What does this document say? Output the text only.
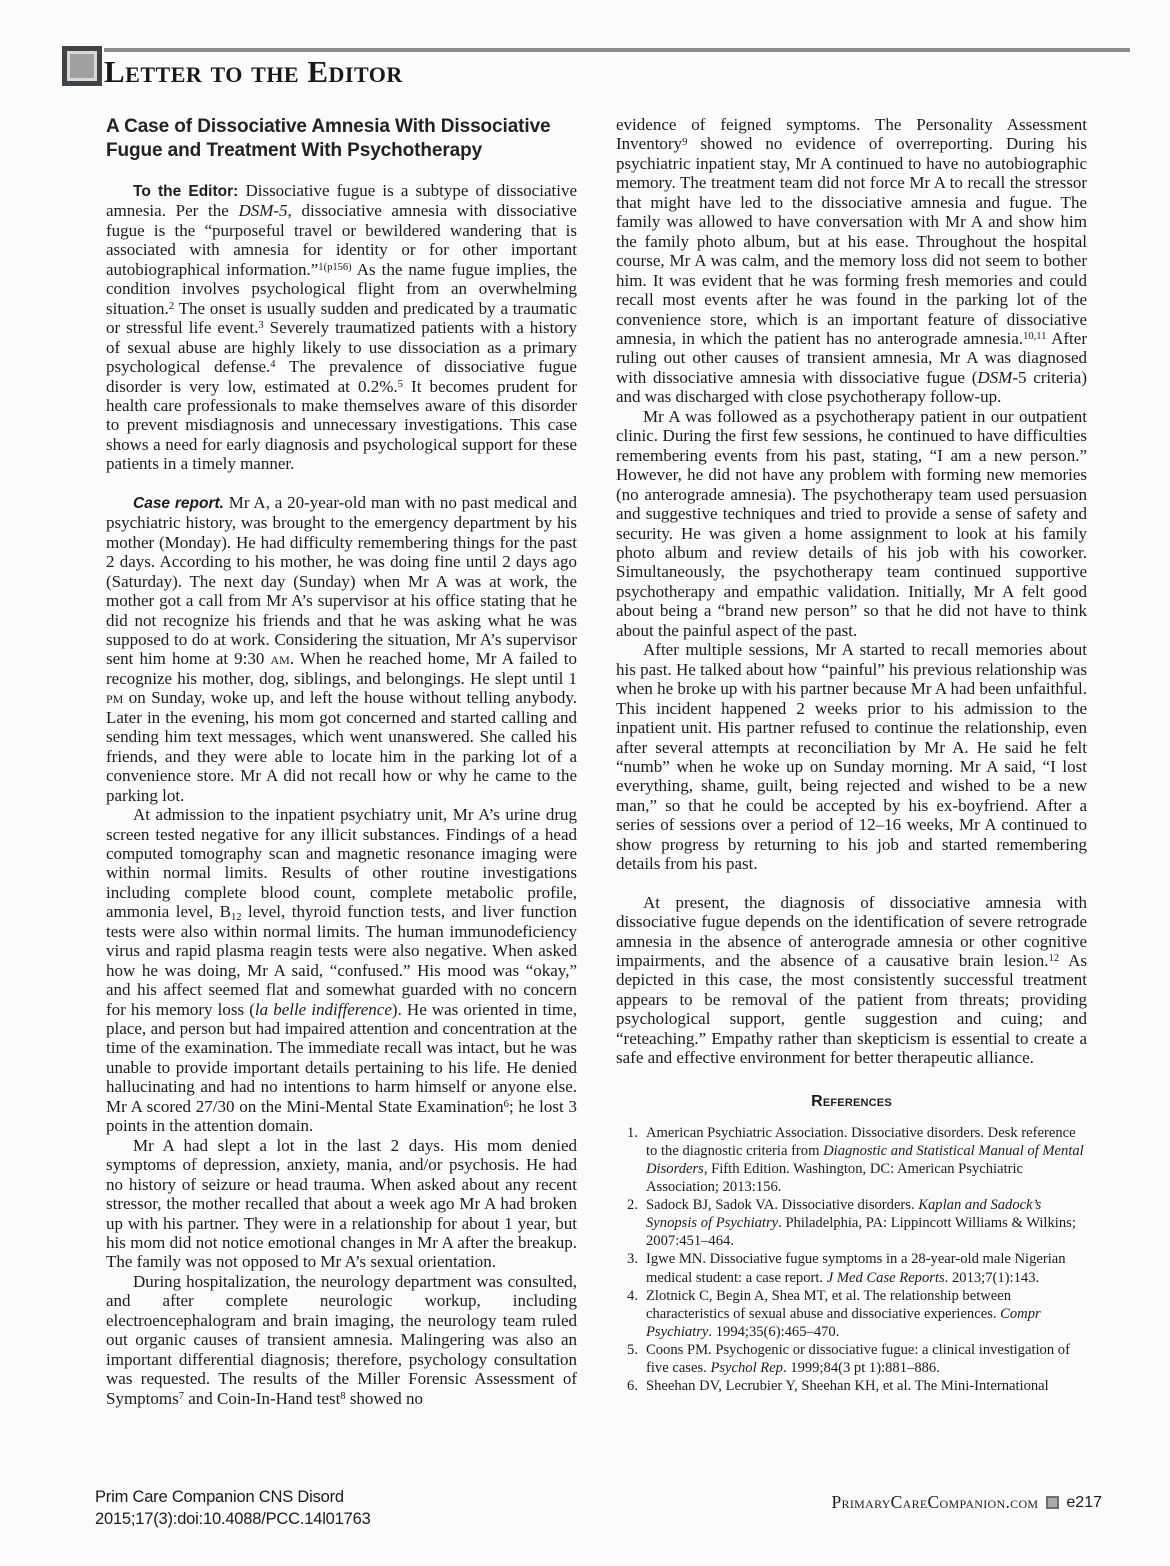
Letter to the Editor
A Case of Dissociative Amnesia With Dissociative
Fugue and Treatment With Psychotherapy

To the Editor: Dissociative fugue is a subtype of dissociative amnesia. Per the DSM-5, dissociative amnesia with dissociative fugue is the “purposeful travel or bewildered wandering that is associated with amnesia for identity or for other important autobiographical information.”$^{1(p156)}$ As the name fugue implies, the condition involves psychological flight from an overwhelming situation.$^2$ The onset is usually sudden and predicated by a traumatic or stressful life event.$^3$ Severely traumatized patients with a history of sexual abuse are highly likely to use dissociation as a primary psychological defense.$^4$ The prevalence of dissociative fugue disorder is very low, estimated at 0.2%.$^5$ It becomes prudent for health care professionals to make themselves aware of this disorder to prevent misdiagnosis and unnecessary investigations. This case shows a need for early diagnosis and psychological support for these patients in a timely manner.

Case report. Mr A, a 20-year-old man with no past medical and psychiatric history, was brought to the emergency department by his mother (Monday). He had difficulty remembering things for the past 2 days. According to his mother, he was doing fine until 2 days ago (Saturday). The next day (Sunday) when Mr A was at work, the mother got a call from Mr A’s supervisor at his office stating that he did not recognize his friends and that he was asking what he was supposed to do at work. Considering the situation, Mr A’s supervisor sent him home at 9:30 am. When he reached home, Mr A failed to recognize his mother, dog, siblings, and belongings. He slept until 1 pm on Sunday, woke up, and left the house without telling anybody. Later in the evening, his mom got concerned and started calling and sending him text messages, which went unanswered. She called his friends, and they were able to locate him in the parking lot of a convenience store. Mr A did not recall how or why he came to the parking lot.

At admission to the inpatient psychiatry unit, Mr A’s urine drug screen tested negative for any illicit substances. Findings of a head computed tomography scan and magnetic resonance imaging were within normal limits. Results of other routine investigations including complete blood count, complete metabolic profile, ammonia level, $B_{12}$ level, thyroid function tests, and liver function tests were also within normal limits. The human immunodeficiency virus and rapid plasma reagin tests were also negative. When asked how he was doing, Mr A said, “confused.” His mood was “okay,” and his affect seemed flat and somewhat guarded with no concern for his memory loss (la belle indifference). He was oriented in time, place, and person but had impaired attention and concentration at the time of the examination. The immediate recall was intact, but he was unable to provide important details pertaining to his life. He denied hallucinating and had no intentions to harm himself or anyone else. Mr A scored 27/30 on the Mini-Mental State Examination$^6$; he lost 3 points in the attention domain.

Mr A had slept a lot in the last 2 days. His mom denied symptoms of depression, anxiety, mania, and/or psychosis. He had no history of seizure or head trauma. When asked about any recent stressor, the mother recalled that about a week ago Mr A had broken up with his partner. They were in a relationship for about 1 year, but his mom did not notice emotional changes in Mr A after the breakup. The family was not opposed to Mr A’s sexual orientation.

During hospitalization, the neurology department was consulted, and after complete neurologic workup, including electroencephalogram and brain imaging, the neurology team ruled out organic causes of transient amnesia. Malingering was also an important differential diagnosis; therefore, psychology consultation was requested. The results of the Miller Forensic Assessment of Symptoms$^7$ and Coin-In-Hand test$^8$ showed no

evidence of feigned symptoms. The Personality Assessment Inventory$^9$ showed no evidence of overreporting. During his psychiatric inpatient stay, Mr A continued to have no autobiographic memory. The treatment team did not force Mr A to recall the stressor that might have led to the dissociative amnesia and fugue. The family was allowed to have conversation with Mr A and show him the family photo album, but at his ease. Throughout the hospital course, Mr A was calm, and the memory loss did not seem to bother him. It was evident that he was forming fresh memories and could recall most events after he was found in the parking lot of the convenience store, which is an important feature of dissociative amnesia, in which the patient has no anterograde amnesia.$^{10,11}$ After ruling out other causes of transient amnesia, Mr A was diagnosed with dissociative amnesia with dissociative fugue (DSM-5 criteria) and was discharged with close psychotherapy follow-up.

Mr A was followed as a psychotherapy patient in our outpatient clinic. During the first few sessions, he continued to have difficulties remembering events from his past, stating, “I am a new person.” However, he did not have any problem with forming new memories (no anterograde amnesia). The psychotherapy team used persuasion and suggestive techniques and tried to provide a sense of safety and security. He was given a home assignment to look at his family photo album and review details of his job with his coworker. Simultaneously, the psychotherapy team continued supportive psychotherapy and empathic validation. Initially, Mr A felt good about being a “brand new person” so that he did not have to think about the painful aspect of the past.

After multiple sessions, Mr A started to recall memories about his past. He talked about how “painful” his previous relationship was when he broke up with his partner because Mr A had been unfaithful. This incident happened 2 weeks prior to his admission to the inpatient unit. His partner refused to continue the relationship, even after several attempts at reconciliation by Mr A. He said he felt “numb” when he woke up on Sunday morning. Mr A said, “I lost everything, shame, guilt, being rejected and wished to be a new man,” so that he could be accepted by his ex-boyfriend. After a series of sessions over a period of 12–16 weeks, Mr A continued to show progress by returning to his job and started remembering details from his past.

At present, the diagnosis of dissociative amnesia with dissociative fugue depends on the identification of severe retrograde amnesia in the absence of anterograde amnesia or other cognitive impairments, and the absence of a causative brain lesion.$^{12}$ As depicted in this case, the most consistently successful treatment appears to be removal of the patient from threats; providing psychological support, gentle suggestion and cuing; and “reteaching.” Empathy rather than skepticism is essential to create a safe and effective environment for better therapeutic alliance.

References
1. American Psychiatric Association. Dissociative disorders. Desk reference to the diagnostic criteria from Diagnostic and Statistical Manual of Mental Disorders, Fifth Edition. Washington, DC: American Psychiatric Association; 2013:156.
2. Sadock BJ, Sadok VA. Dissociative disorders. Kaplan and Sadock’s Synopsis of Psychiatry. Philadelphia, PA: Lippincott Williams & Wilkins; 2007:451–464.
3. Igwe MN. Dissociative fugue symptoms in a 28-year-old male Nigerian medical student: a case report. J Med Case Reports. 2013;7(1):143.
4. Zlotnick C, Begin A, Shea MT, et al. The relationship between characteristics of sexual abuse and dissociative experiences. Compr Psychiatry. 1994;35(6):465–470.
5. Coons PM. Psychogenic or dissociative fugue: a clinical investigation of five cases. Psychol Rep. 1999;84(3 pt 1):881–886.
6. Sheehan DV, Lecrubier Y, Sheehan KH, et al. The Mini-International
Prim Care Companion CNS Disord
2015;17(3):doi:10.4088/PCC.14l01763
PrimaryCareCompanion.com e217
